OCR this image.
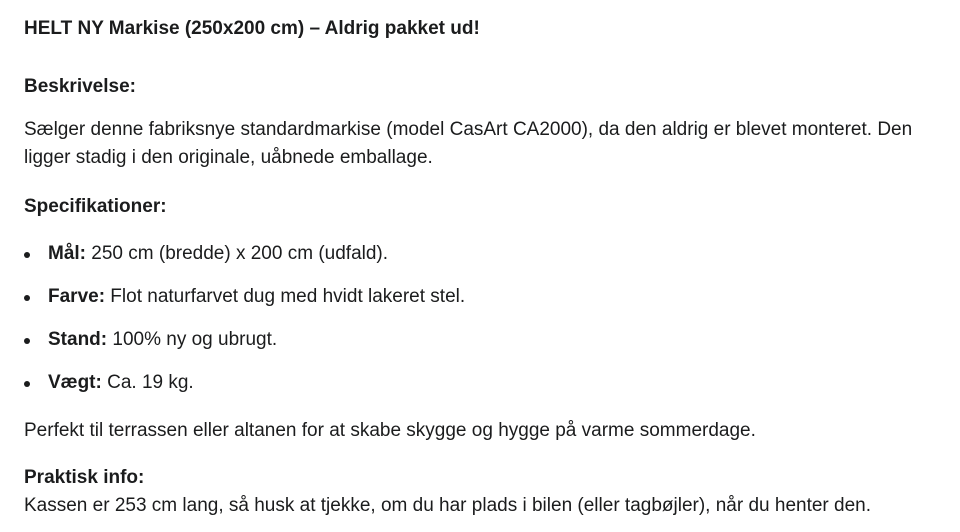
HELT NY Markise (250x200 cm) – Aldrig pakket ud!
Beskrivelse:
Sælger denne fabriksnye standardmarkise (model CasArt CA2000), da den aldrig er blevet monteret. Den ligger stadig i den originale, uåbnede emballage.
Specifikationer:
Mål: 250 cm (bredde) x 200 cm (udfald).
Farve: Flot naturfarvet dug med hvidt lakeret stel.
Stand: 100% ny og ubrugt.
Vægt: Ca. 19 kg.
Perfekt til terrassen eller altanen for at skabe skygge og hygge på varme sommerdage.
Praktisk info:
Kassen er 253 cm lang, så husk at tjekke, om du har plads i bilen (eller tagbøjler), når du henter den.
